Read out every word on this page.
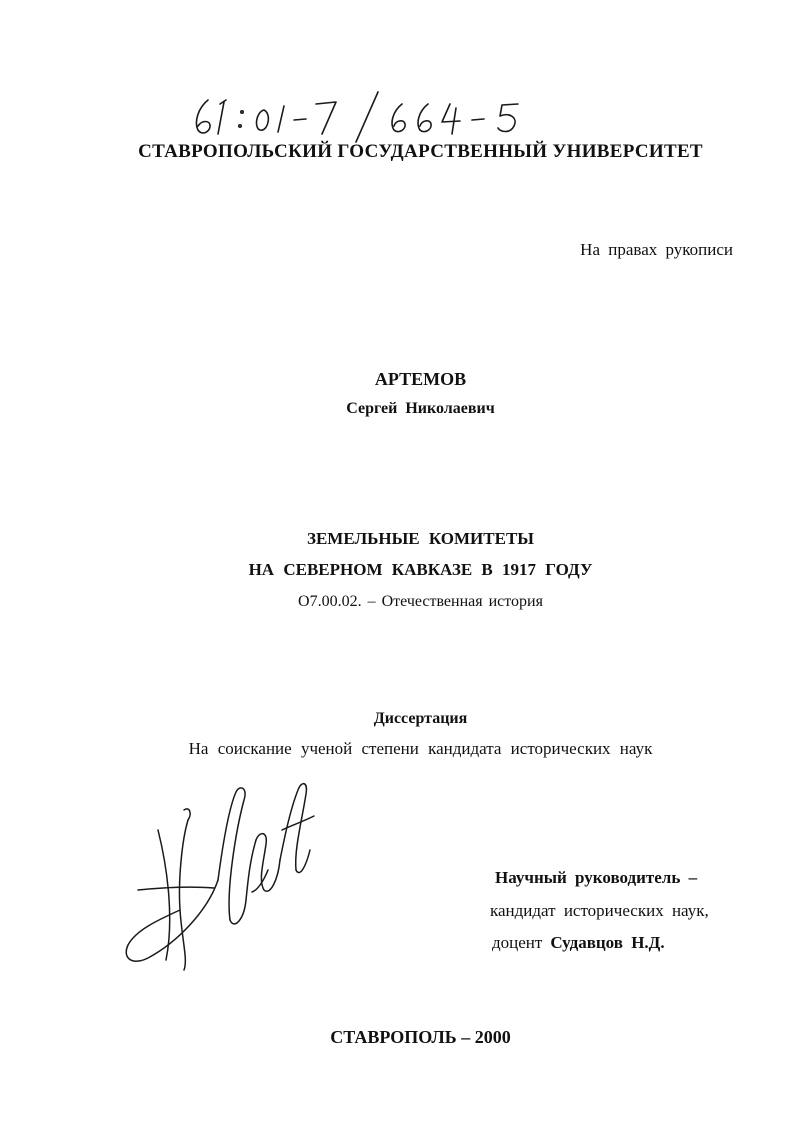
СТАВРОПОЛЬСКИЙ ГОСУДАРСТВЕННЫЙ УНИВЕРСИТЕТ
На правах рукописи
АРТЕМОВ
Сергей Николаевич
ЗЕМЕЛЬНЫЕ КОМИТЕТЫ
НА СЕВЕРНОМ КАВКАЗЕ В 1917 ГОДУ
О7.00.02. – Отечественная история
Диссертация
На соискание ученой степени кандидата исторических наук
Научный руководитель –
кандидат исторических наук,
доцент Судавцов Н.Д.
СТАВРОПОЛЬ – 2000
